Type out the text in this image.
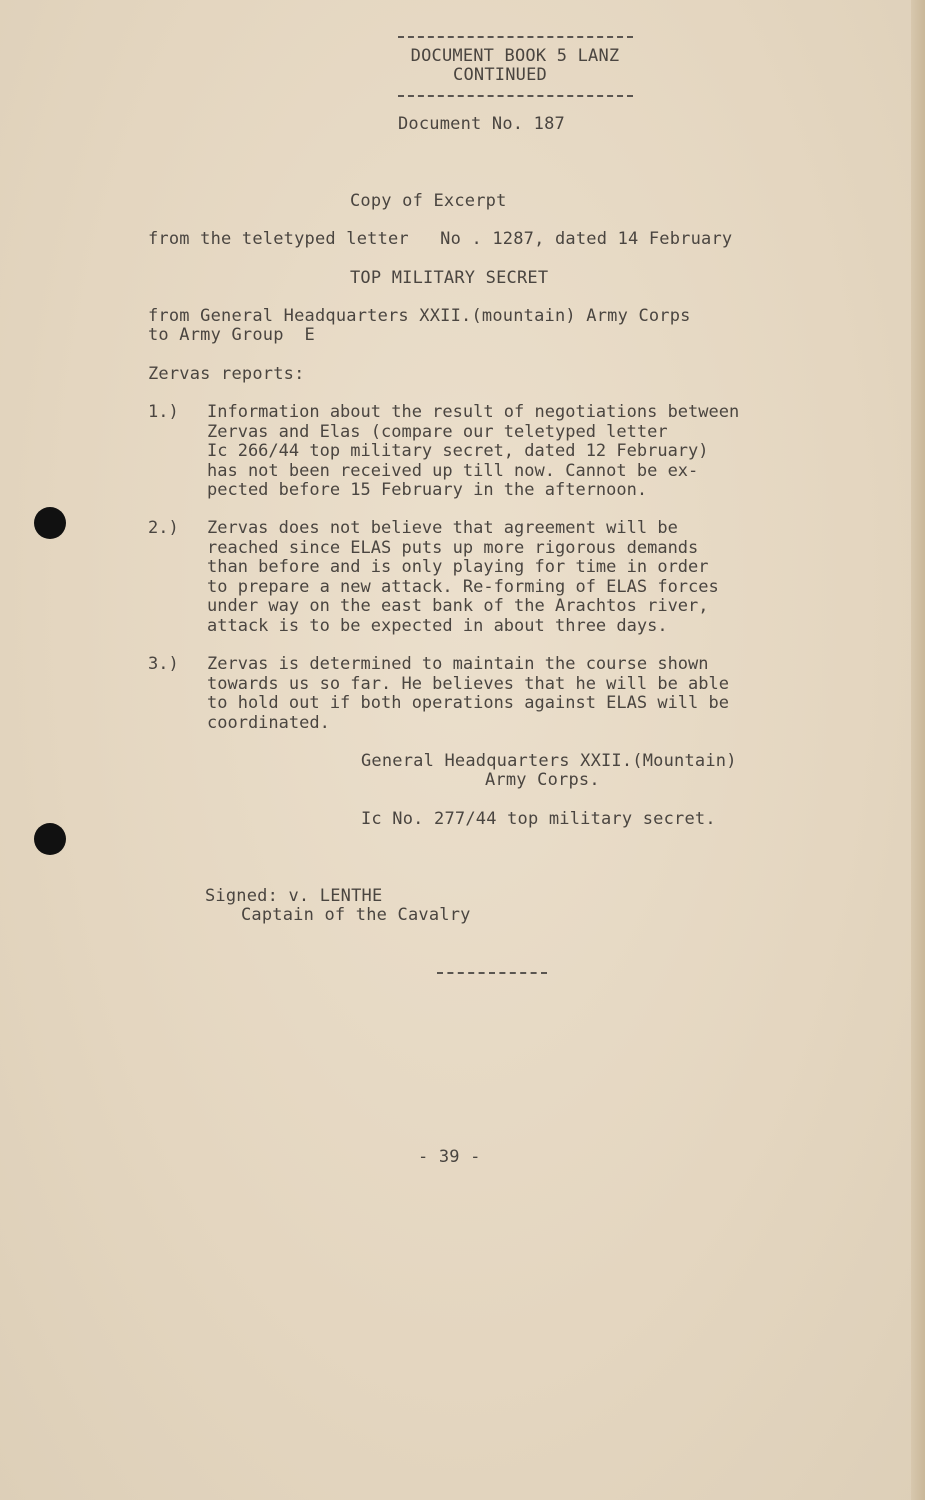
DOCUMENT BOOK 5 LANZ

CONTINUED

Document No. 187

Copy of Excerpt

from the teletyped letter   No . 1287, dated 14 February

TOP MILITARY SECRET

from General Headquarters XXII.(mountain) Army Corps

to Army Group  E

Zervas reports:

1.) Information about the result of negotiations between
Zervas and Elas (compare our teletyped letter
Ic 266/44 top military secret, dated 12 February)
has not been received up till now. Cannot be ex-
pected before 15 February in the afternoon.

2.) Zervas does not believe that agreement will be
reached since ELAS puts up more rigorous demands
than before and is only playing for time in order
to prepare a new attack. Re-forming of ELAS forces
under way on the east bank of the Arachtos river,
attack is to be expected in about three days.

3.) Zervas is determined to maintain the course shown
towards us so far. He believes that he will be able
to hold out if both operations against ELAS will be
coordinated.

General Headquarters XXII.(Mountain)

Army Corps.

Ic No. 277/44 top military secret.

Signed: v. LENTHE

Captain of the Cavalry

- 39 -
